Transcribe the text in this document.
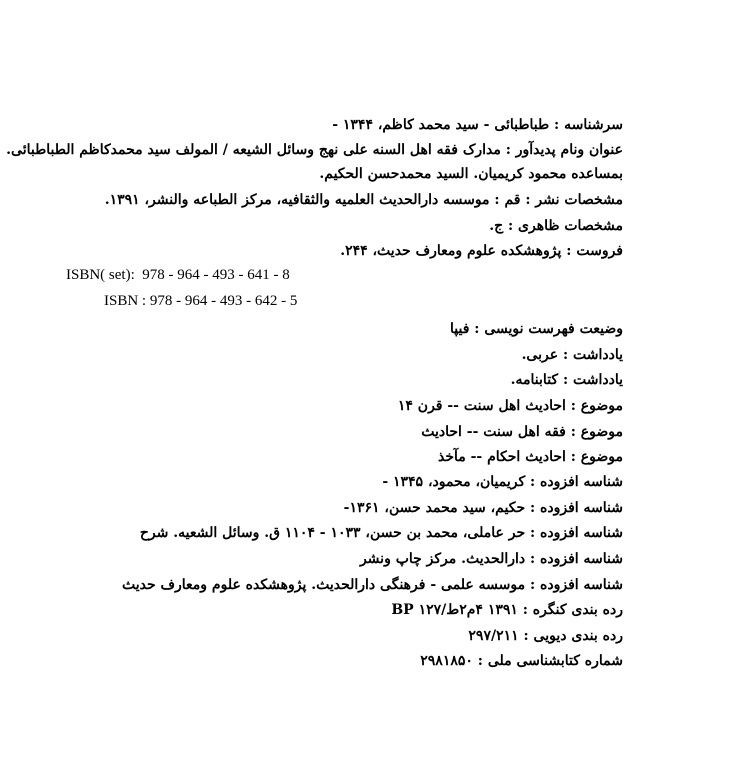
سرشناسه : طباطبائی - سید محمد کاظم، ۱۳۴۴ -
عنوان ونام پدیدآور : مدارک فقه اهل السنه علی نهج وسائل الشیعه / المولف سید محمدکاظم الطباطبائی.
بمساعده محمود کریمیان. السید محمدحسن الحکیم.
مشخصات نشر : قم : موسسه دارالحدیث العلمیه والثقافیه، مرکز الطباعه والنشر، ۱۳۹۱.
مشخصات ظاهری : ج.
فروست : پژوهشکده علوم ومعارف حدیث، ۲۴۴.
ISBN( set):  978 - 964 - 493 - 641 - 8
ISBN : 978 - 964 - 493 - 642 - 5
وضیعت فهرست نویسی : فیپا
یادداشت : عربی.
یادداشت : کتابنامه.
موضوع : احادیث اهل سنت -- قرن ۱۴
موضوع : فقه اهل سنت -- احادیث
موضوع : احادیث احکام -- مآخذ
شناسه افزوده : کریمیان، محمود، ۱۳۴۵ -
شناسه افزوده : حکیم، سید محمد حسن، ۱۳۶۱-
شناسه افزوده : حر عاملی، محمد بن حسن، ۱۰۳۳ - ۱۱۰۴ ق. وسائل الشعیه. شرح
شناسه افزوده : دارالحدیث. مرکز چاپ ونشر
شناسه افزوده : موسسه علمی - فرهنگی دارالحدیث. پژوهشکده علوم ومعارف حدیث
رده بندی کنگره : ۱۳۹۱ ۴م۲ط/۱۲۷ BP
رده بندی دیویی : ۲۹۷/۲۱۱
شماره کتابشناسی ملی : ۲۹۸۱۸۵۰
